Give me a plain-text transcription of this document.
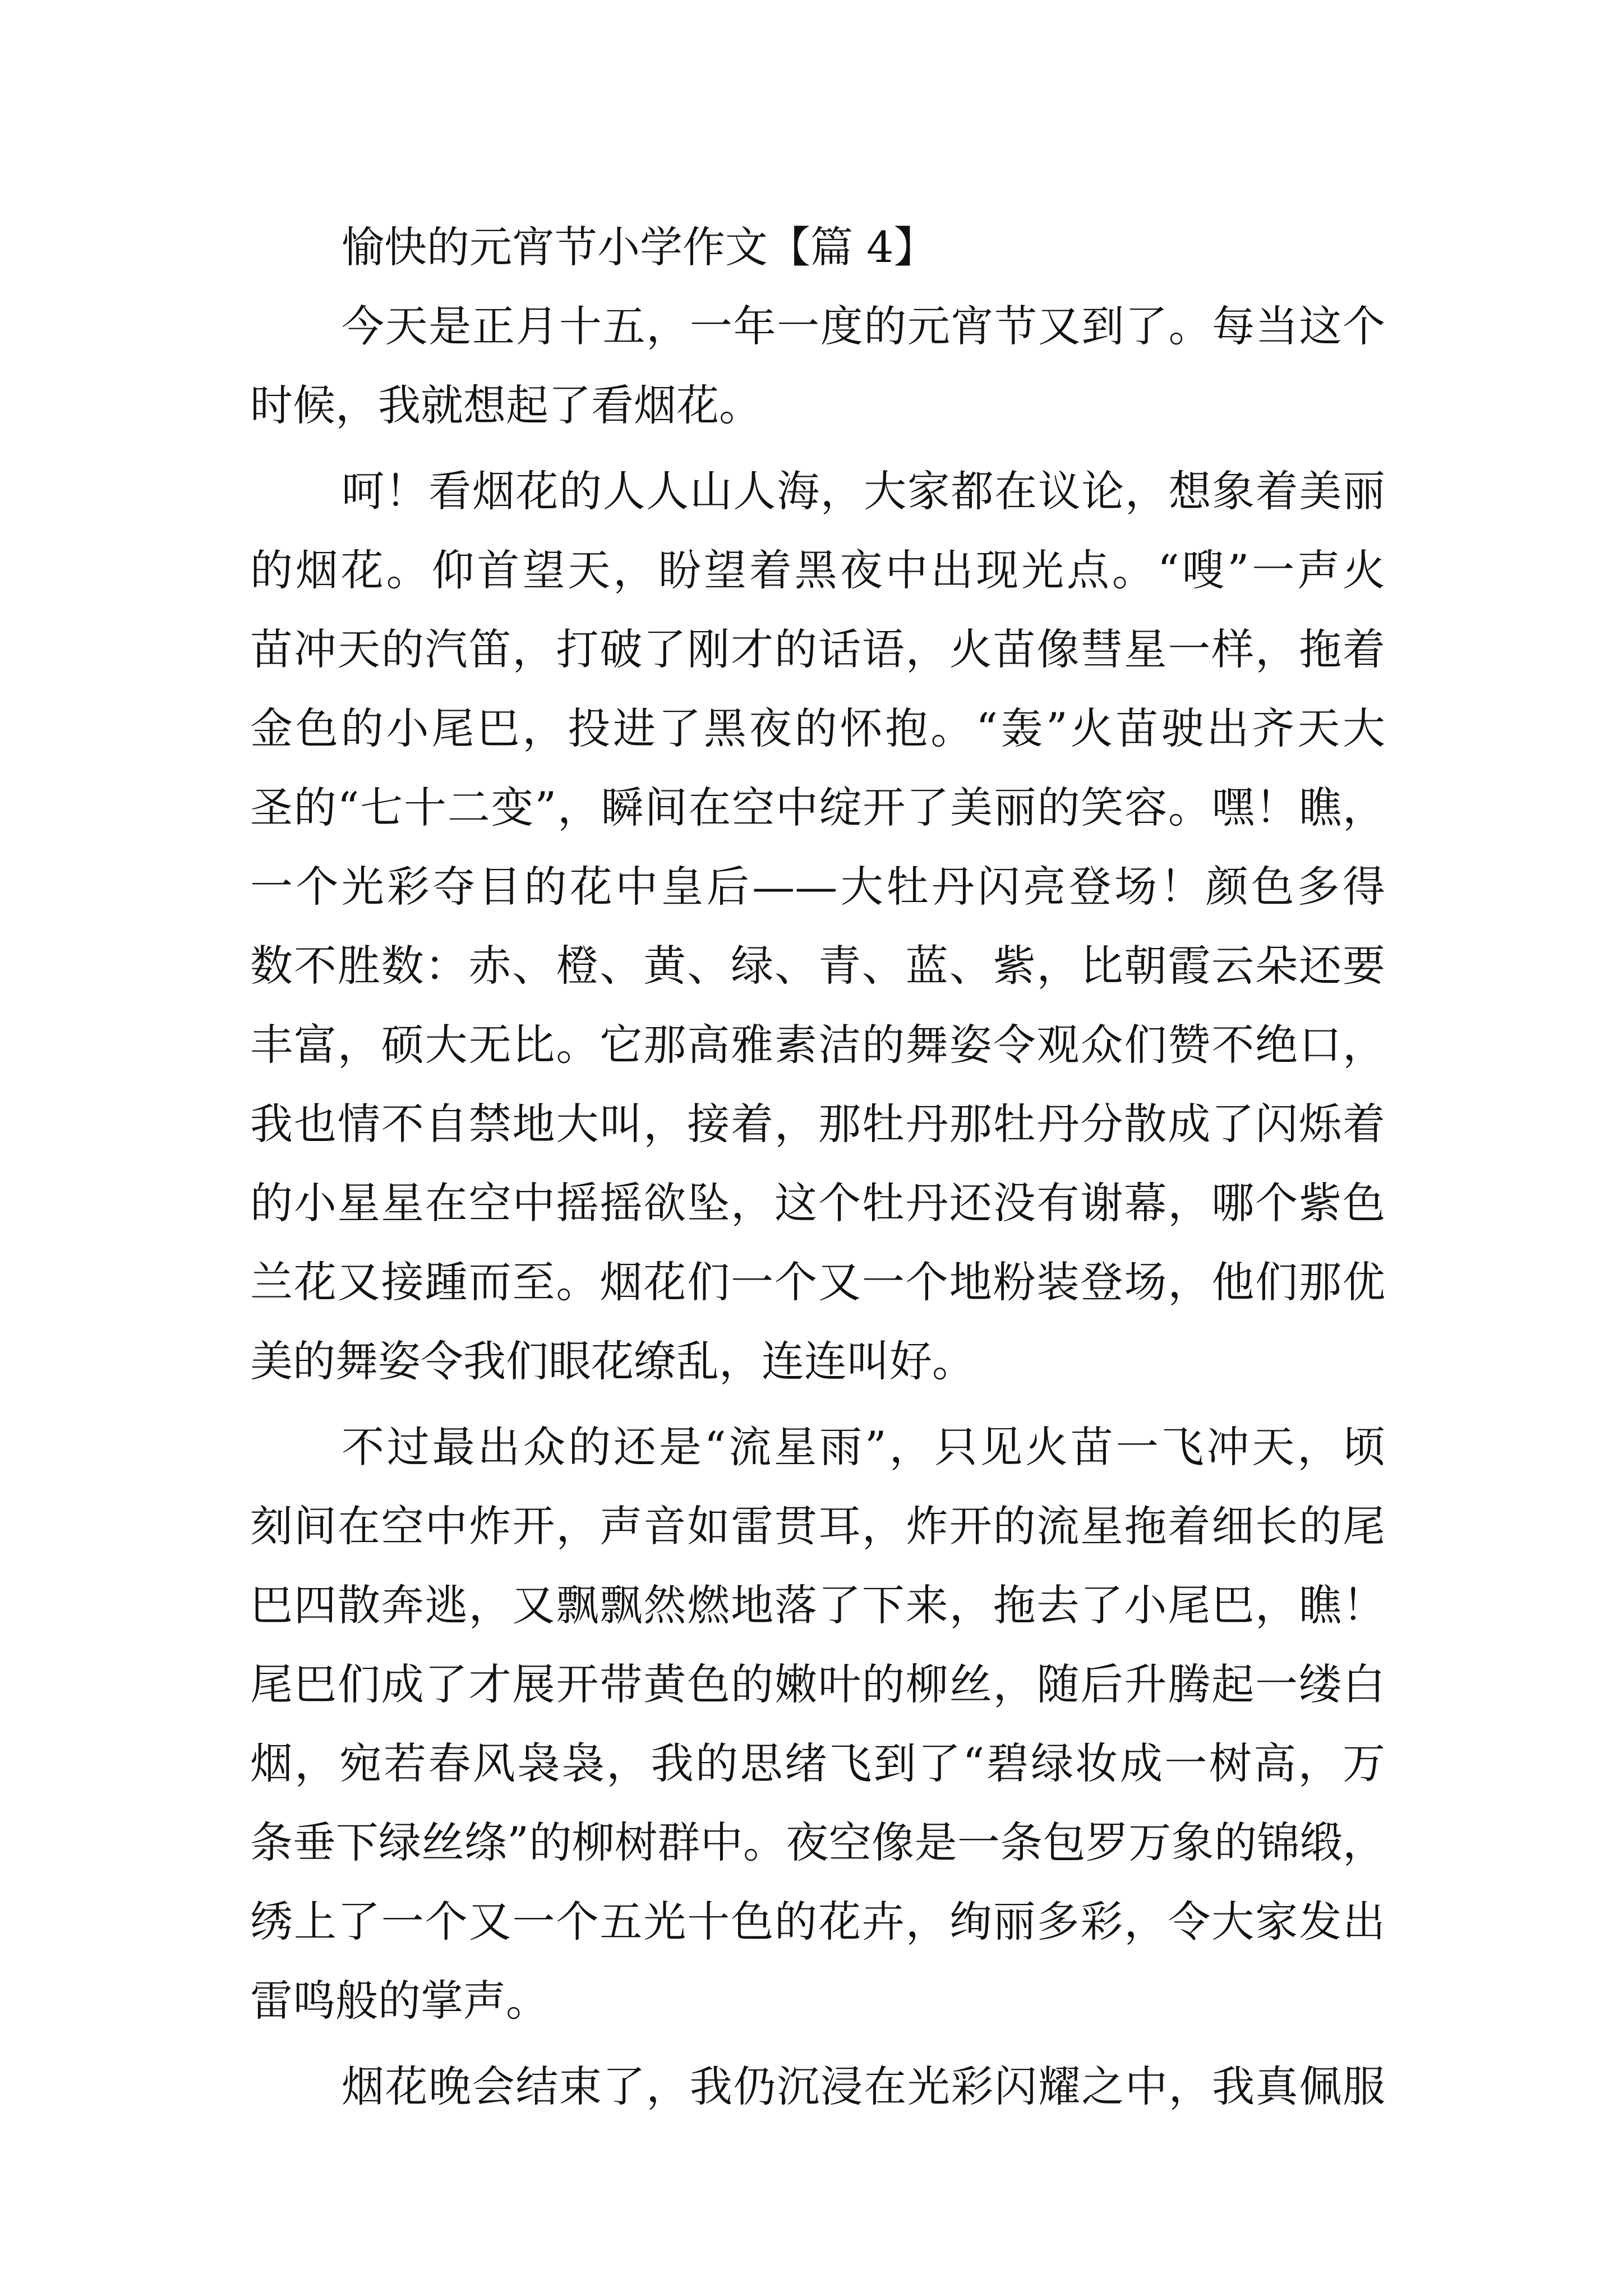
愉快的元宵节小学作文【篇 4】
今天是正月十五，一年一度的元宵节又到了。每当这个
时候，我就想起了看烟花。
呵！看烟花的人人山人海，大家都在议论，想象着美丽
的烟花。仰首望天，盼望着黑夜中出现光点。“嗖”一声火
苗冲天的汽笛，打破了刚才的话语，火苗像彗星一样，拖着
金色的小尾巴，投进了黑夜的怀抱。“轰”火苗驶出齐天大
圣的“七十二变”，瞬间在空中绽开了美丽的笑容。嘿！瞧，
一个光彩夺目的花中皇后——大牡丹闪亮登场！颜色多得
数不胜数：赤、橙、黄、绿、青、蓝、紫，比朝霞云朵还要
丰富，硕大无比。它那高雅素洁的舞姿令观众们赞不绝口，
我也情不自禁地大叫，接着，那牡丹那牡丹分散成了闪烁着
的小星星在空中摇摇欲坠，这个牡丹还没有谢幕，哪个紫色
兰花又接踵而至。烟花们一个又一个地粉装登场，他们那优
美的舞姿令我们眼花缭乱，连连叫好。
不过最出众的还是“流星雨”，只见火苗一飞冲天，顷
刻间在空中炸开，声音如雷贯耳，炸开的流星拖着细长的尾
巴四散奔逃，又飘飘然燃地落了下来，拖去了小尾巴，瞧！
尾巴们成了才展开带黄色的嫩叶的柳丝，随后升腾起一缕白
烟，宛若春风袅袅，我的思绪飞到了“碧绿妆成一树高，万
条垂下绿丝绦”的柳树群中。夜空像是一条包罗万象的锦缎，
绣上了一个又一个五光十色的花卉，绚丽多彩，令大家发出
雷鸣般的掌声。
烟花晚会结束了，我仍沉浸在光彩闪耀之中，我真佩服
